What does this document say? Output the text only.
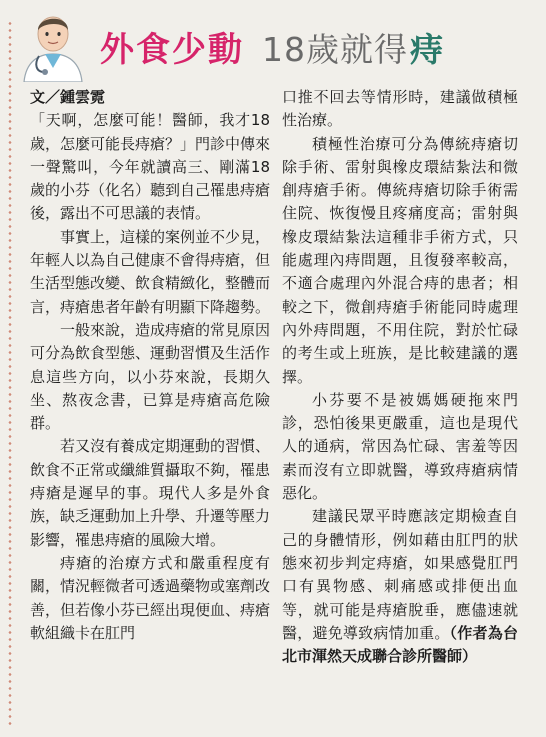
外食少動 18歲就得 痔

文／鍾雲霓

「天啊，怎麼可能！醫師，我才18歲，怎麼可能長痔瘡？」門診中傳來一聲驚叫，今年就讀高三、剛滿18歲的小芬（化名）聽到自己罹患痔瘡後，露出不可思議的表情。

事實上，這樣的案例並不少見，年輕人以為自己健康不會得痔瘡，但生活型態改變、飲食精緻化，整體而言，痔瘡患者年齡有明顯下降趨勢。

一般來說，造成痔瘡的常見原因可分為飲食型態、運動習慣及生活作息這些方向，以小芬來說，長期久坐、熬夜念書，已算是痔瘡高危險群。

若又沒有養成定期運動的習慣、飲食不正常或纖維質攝取不夠，罹患痔瘡是遲早的事。現代人多是外食族，缺乏運動加上升學、升遷等壓力影響，罹患痔瘡的風險大增。

痔瘡的治療方式和嚴重程度有關，情況輕微者可透過藥物或塞劑改善，但若像小芬已經出現便血、痔瘡軟組織卡在肛門

口推不回去等情形時，建議做積極性治療。

積極性治療可分為傳統痔瘡切除手術、雷射與橡皮環結紮法和微創痔瘡手術。傳統痔瘡切除手術需住院、恢復慢且疼痛度高；雷射與橡皮環結紮法這種非手術方式，只能處理內痔問題，且復發率較高，不適合處理內外混合痔的患者；相較之下，微創痔瘡手術能同時處理內外痔問題，不用住院，對於忙碌的考生或上班族，是比較建議的選擇。

小芬要不是被媽媽硬拖來門診，恐怕後果更嚴重，這也是現代人的通病，常因為忙碌、害羞等因素而沒有立即就醫，導致痔瘡病情惡化。

建議民眾平時應該定期檢查自己的身體情形，例如藉由肛門的狀態來初步判定痔瘡，如果感覺肛門口有異物感、刺痛感或排便出血等，就可能是痔瘡脫垂，應儘速就醫，避免導致病情加重。（作者為台北市渾然天成聯合診所醫師）
